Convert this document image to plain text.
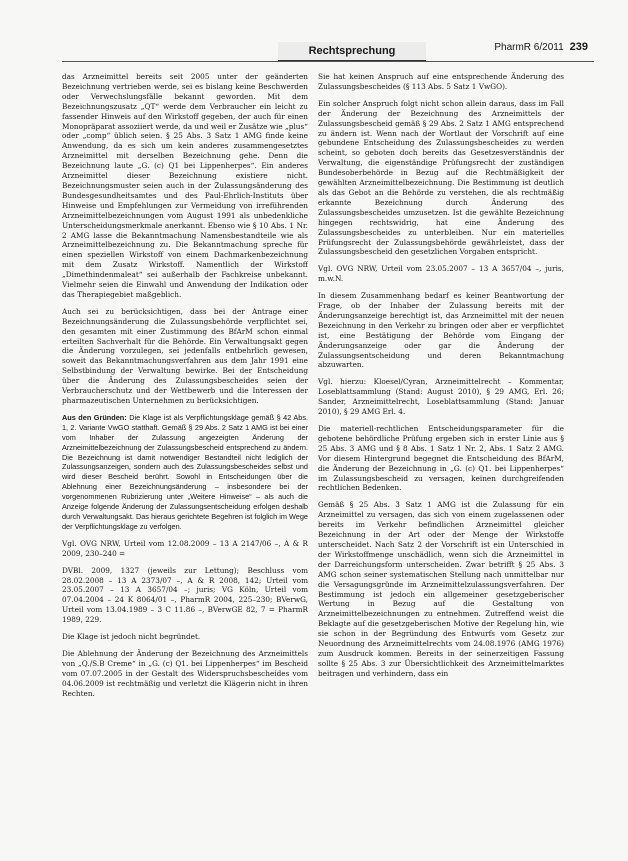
Rechtsprechung	PharmR 6/2011 239

das Arzneimittel bereits seit 2005 unter der geänderten Bezeichnung vertrieben werde, sei es bislang keine Beschwerden oder Verwechslungsfälle bekannt geworden. Mit dem Bezeichnungszusatz „QT“ werde dem Verbraucher ein leicht zu fassender Hinweis auf den Wirkstoff gegeben, der auch für einen Monopräparat assoziiert werde, da und weil er Zusätze wie „plus“ oder „comp“ üblich seien. § 25 Abs. 3 Satz 1 AMG finde keine Anwendung, da es sich um kein anderes zusammengesetztes Arzneimittel mit derselben Bezeichnung gehe. Denn die Bezeichnung laute „G. (c) Q1 bei Lippenherpes“. Ein anderes Arzneimittel dieser Bezeichnung existiere nicht. Bezeichnungsmuster seien auch in der Zulassungsänderung des Bundesgesundheitsamtes und des Paul-Ehrlich-Instituts über Hinweise und Empfehlungen zur Vermeidung von irreführenden Arzneimittelbezeichnungen vom August 1991 als unbedenkliche Unterscheidungsmerkmale anerkannt. Ebenso wie § 10 Abs. 1 Nr. 2 AMG lasse die Bekanntmachung Namensbestandteile wie als Arzneimittelbezeichnung zu. Die Bekanntmachung spreche für einen speziellen Wirkstoff von einem Dachmarkenbezeichnung mit dem Zusatz Wirkstoff. Namentlich der Wirkstoff „Dimethindenmaleat“ sei außerhalb der Fachkreise unbekannt. Vielmehr seien die Einwahl und Anwendung der Indikation oder das Therapiegebiet maßgeblich.

Auch sei zu berücksichtigen, dass bei der Antrage einer Bezeichnungsänderung die Zulassungsbehörde verpflichtet sei, den gesamten mit einer Zustimmung des BfArM schon einmal erteilten Sachverhalt für die Behörde. Ein Verwaltungsakt gegen die Änderung vorzulegen, sei jedenfalls entbehrlich gewesen, soweit das Bekanntmachungsverfahren aus dem Jahr 1991 eine Selbstbindung der Verwaltung bewirke. Bei der Entscheidung über die Änderung des Zulassungsbescheides seien der Verbraucherschutz und der Wettbewerb und die Interessen der pharmazeutischen Unternehmen zu berücksichtigen.

Aus den Gründen: Die Klage ist als Verpflichtungsklage gemäß § 42 Abs. 1, 2. Variante VwGO statthaft. Gemäß § 29 Abs. 2 Satz 1 AMG ist bei einer vom Inhaber der Zulassung angezeigten Änderung der Arzneimittelbezeichnung der Zulassungsbescheid entsprechend zu ändern. Die Bezeichnung ist damit notwendiger Bestandteil nicht lediglich der Zulassungsanzeigen, sondern auch des Zulassungsbescheides selbst und wird dieser Bescheid berührt. Sowohl in Entscheidungen über die Ablehnung einer Bezeichnungsänderung – insbesondere bei der vorgenommenen Rubrizierung unter „Weitere Hinweise“ – als auch die Anzeige folgende Änderung der Zulassungsentscheidung erfolgen deshalb durch Verwaltungsakt. Das hieraus gerichtete Begehren ist folglich im Wege der Verpflichtungsklage zu verfolgen.

Vgl. OVG NRW, Urteil vom 12.08.2009 – 13 A 2147/06 –, A & R 2009, 230–240 =

DVBl. 2009, 1327 (jeweils zur Lettung); Beschluss vom 28.02.2008 – 13 A 2373/07 –, A & R 2008, 142; Urteil vom 23.05.2007 – 13 A 3657/04 –; juris; VG Köln, Urteil vom 07.04.2004 – 24 K 8064/01 –, PharmR 2004, 225–230; BVerwG, Urteil vom 13.04.1989 – 3 C 11.86 –, BVerwGE 82, 7 = PharmR 1989, 229.

Die Klage ist jedoch nicht begründet.

Die Ablehnung der Änderung der Bezeichnung des Arzneimittels von „Q./S.B Creme“ in „G. (c) Q1. bei Lippenherpes“ im Bescheid vom 07.07.2005 in der Gestalt des Widerspruchsbescheides vom 04.06.2009 ist rechtmäßig und verletzt die Klägerin nicht in ihren Rechten.

Sie hat keinen Anspruch auf eine entsprechende Änderung des Zulassungsbescheides (§ 113 Abs. 5 Satz 1 VwGO).

Ein solcher Anspruch folgt nicht schon allein daraus, dass im Fall der Änderung der Bezeichnung des Arzneimittels der Zulassungsbescheid gemäß § 29 Abs. 2 Satz 1 AMG entsprechend zu ändern ist. Wenn nach der Wortlaut der Vorschrift auf eine gebundene Entscheidung des Zulassungsbescheides zu werden scheint, so geboten doch bereits das Gesetzesverständnis der Verwaltung, die eigenständige Prüfungsrecht der zuständigen Bundesoberbehörde in Bezug auf die Rechtmäßigkeit der gewählten Arzneimittelbezeichnung. Die Bestimmung ist deutlich als das Gebot an die Behörde zu verstehen, die als rechtmäßig erkannte Bezeichnung durch Änderung des Zulassungsbescheides umzusetzen. Ist die gewählte Bezeichnung hingegen rechtswidrig, hat eine Änderung des Zulassungsbescheides zu unterbleiben. Nur ein materielles Prüfungsrecht der Zulassungsbehörde gewährleistet, dass der Zulassungsbescheid den gesetzlichen Vorgaben entspricht.

Vgl. OVG NRW, Urteil vom 23.05.2007 – 13 A 3657/04 –, juris, m.w.N.

In diesem Zusammenhang bedarf es keiner Beantwortung der Frage, ob der Inhaber der Zulassung bereits mit der Änderungsanzeige berechtigt ist, das Arzneimittel mit der neuen Bezeichnung in den Verkehr zu bringen oder aber er verpflichtet ist, eine Bestätigung der Behörde vom Eingang der Änderungsanzeige oder gar die Änderung der Zulassungsentscheidung und deren Bekanntmachung abzuwarten.

Vgl. hierzu: Kloesel/Cyran, Arzneimittelrecht – Kommentar, Loseblattsammlung (Stand: August 2010), § 29 AMG, Erl. 26; Sander, Arzneimittelrecht, Loseblattsammlung (Stand: Januar 2010), § 29 AMG Erl. 4.

Die materiell-rechtlichen Entscheidungsparameter für die gebotene behördliche Prüfung ergeben sich in erster Linie aus § 25 Abs. 3 AMG und § 8 Abs. 1 Satz 1 Nr. 2, Abs. 1 Satz 2 AMG. Vor diesem Hintergrund begegnet die Entscheidung des BfArM, die Änderung der Bezeichnung in „G. (c) Q1. bei Lippenherpes“ im Zulassungsbescheid zu versagen, keinen durchgreifenden rechtlichen Bedenken.

Gemäß § 25 Abs. 3 Satz 1 AMG ist die Zulassung für ein Arzneimittel zu versagen, das sich von einem zugelassenen oder bereits im Verkehr befindlichen Arzneimittel gleicher Bezeichnung in der Art oder der Menge der Wirkstoffe unterscheidet. Nach Satz 2 der Vorschrift ist ein Unterschied in der Wirkstoffmenge unschädlich, wenn sich die Arzneimittel in der Darreichungsform unterscheiden. Zwar betrifft § 25 Abs. 3 AMG schon seiner systematischen Stellung nach unmittelbar nur die Versagungsgründe im Arzneimittelzulassungsverfahren. Der Bestimmung ist jedoch ein allgemeiner gesetzgeberischer Wertung in Bezug auf die Gestaltung von Arzneimittelbezeichnungen zu entnehmen. Zutreffend weist die Beklagte auf die gesetzgeberischen Motive der Regelung hin, wie sie schon in der Begründung des Entwurfs vom Gesetz zur Neuordnung des Arzneimittelrechts vom 24.08.1976 (AMG 1976) zum Ausdruck kommen. Bereits in der seinerzeitigen Fassung sollte § 25 Abs. 3 zur Übersichtlichkeit des Arzneimittelmarktes beitragen und verhindern, dass ein
